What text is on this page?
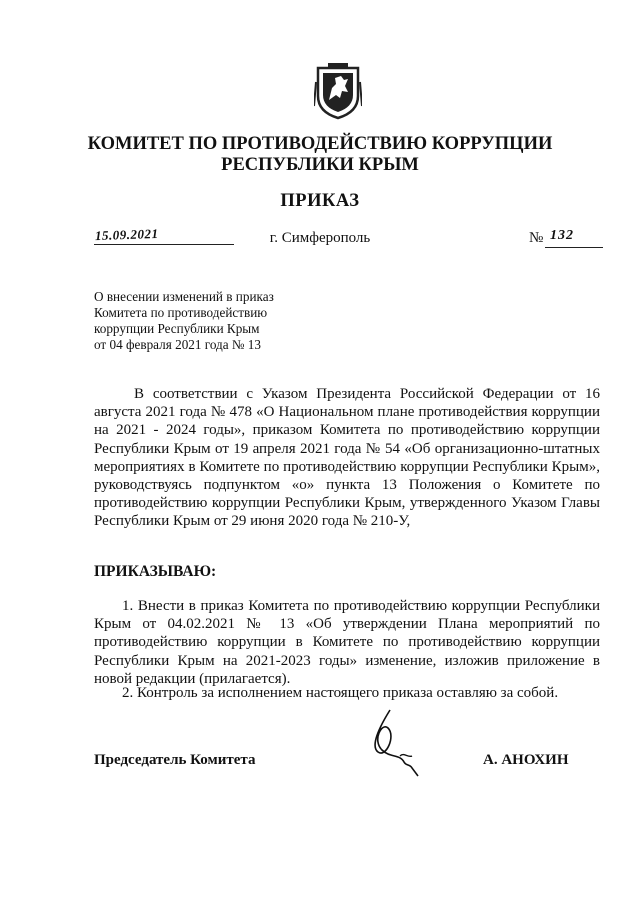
КОМИТЕТ ПО ПРОТИВОДЕЙСТВИЮ КОРРУПЦИИ
РЕСПУБЛИКИ КРЫМ
ПРИКАЗ
15.09.2021	г. Симферополь	№ 132
О внесении изменений в приказ
Комитета по противодействию
коррупции Республики Крым
от 04 февраля 2021 года № 13
В соответствии с Указом Президента Российской Федерации от 16 августа 2021 года № 478 «О Национальном плане противодействия коррупции на 2021 - 2024 годы», приказом Комитета по противодействию коррупции Республики Крым от 19 апреля 2021 года № 54 «Об организационно-штатных мероприятиях в Комитете по противодействию коррупции Республики Крым», руководствуясь подпунктом «о» пункта 13 Положения о Комитете по противодействию коррупции Республики Крым, утвержденного Указом Главы Республики Крым от 29 июня 2020 года № 210-У,
ПРИКАЗЫВАЮ:
1. Внести в приказ Комитета по противодействию коррупции Республики Крым от 04.02.2021 № 13 «Об утверждении Плана мероприятий по противодействию коррупции в Комитете по противодействию коррупции Республики Крым на 2021-2023 годы» изменение, изложив приложение в новой редакции (прилагается).
2. Контроль за исполнением настоящего приказа оставляю за собой.
Председатель Комитета	А. АНОХИН
